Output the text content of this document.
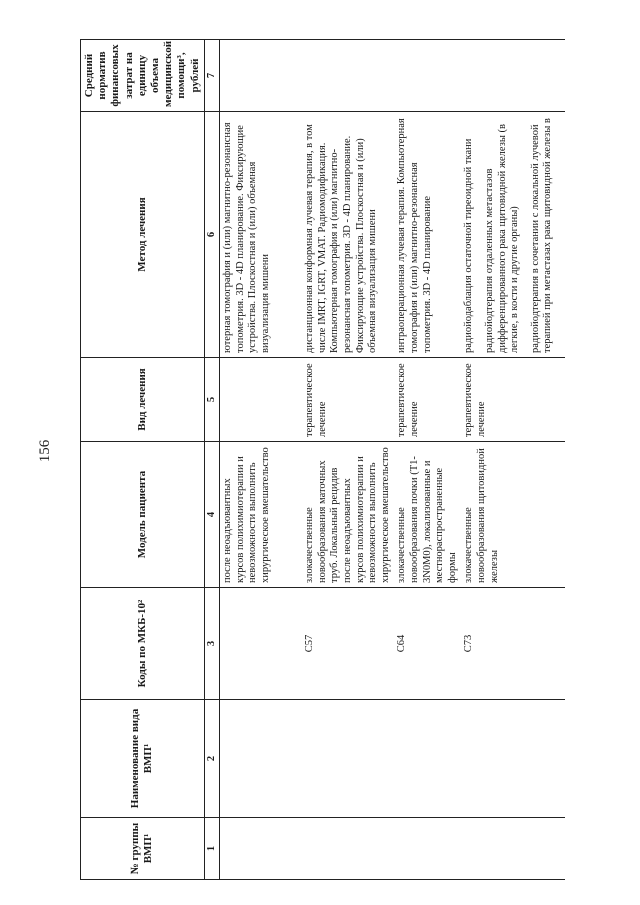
156
№ группы ВМП¹	Наименование вида ВМП¹	Коды по МКБ-10²	Модель пациента	Вид лечения	Метод лечения	Средний норматив финансовых затрат на единицу объема медицинской помощи³, рублей
1	2	3	4	5	6	7
			после неоадъювантных курсов полихимиотерапии и невозможности выполнить хирургическое вмешательство		ютерная томография и (или) магнитно-резонансная топометрия. 3D - 4D планирование. Фиксирующие устройства. Плоскостная и (или) объемная визуализация мишени	

		C57	злокачественные новообразования маточных труб. Локальный рецидив после неоадъювантных курсов полихимиотерапии и невозможности выполнить хирургическое вмешательство	терапевтическое лечение	дистанционная конформная лучевая терапия, в том числе IMRT, IGRT, VMAT. Радиомодификация. Компьютерная томография и (или) магнитно-резонансная топометрия. 3D - 4D планирование. Фиксирующие устройства. Плоскостная и (или) объемная визуализация мишени	

		C64	злокачественные новообразования почки (T1-3N0M0), локализованные и местнораспространенные формы	терапевтическое лечение	интраоперационная лучевая терапия. Компьютерная томография и (или) магнитно-резонансная топометрия. 3D - 4D планирование	

		C73	злокачественные новообразования щитовидной железы	терапевтическое лечение	радиойодаблация остаточной тиреоидной ткани радиойодтерапия отдаленных метастазов дифференцированного рака щитовидной железы (в легкие, в кости и другие органы) радиойодтерапия в сочетании с локальной лучевой терапией при метастазах рака щитовидной железы в	
